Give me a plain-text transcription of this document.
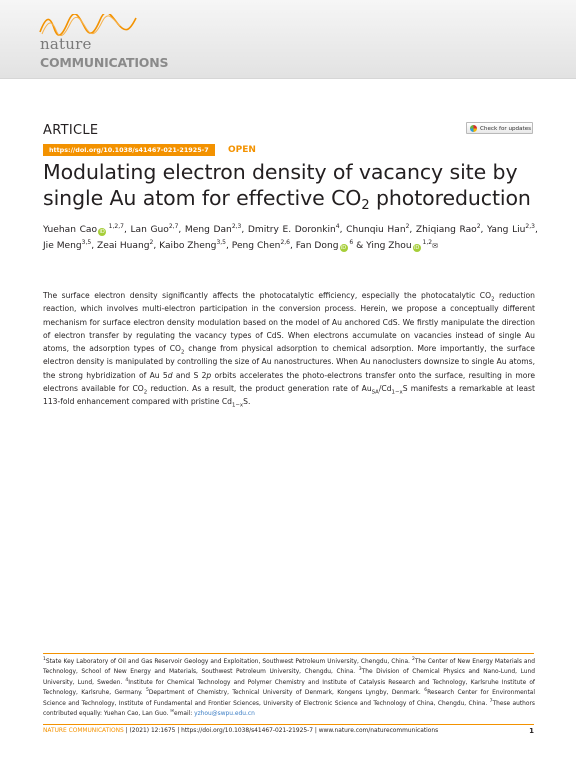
nature
COMMUNICATIONS
ARTICLE	Check for updates
https://doi.org/10.1038/s41467-021-21925-7	OPEN
Modulating electron density of vacancy site by
single Au atom for effective $CO_2$ photoreduction
Yuehan Cao iD $^{1,2,7}$, Lan Guo$^{2,7}$, Meng Dan$^{2,3}$, Dmitry E. Doronkin$^4$, Chunqiu Han$^2$, Zhiqiang Rao$^2$, Yang Liu$^{2,3}$, Jie Meng$^{3,5}$, Zeai Huang$^2$, Kaibo Zheng$^{3,5}$, Peng Chen$^{2,6}$, Fan Dong iD $^6$ & Ying Zhou iD $^{1,2}$✉

The surface electron density significantly affects the photocatalytic efficiency, especially the photocatalytic $CO_2$ reduction reaction, which involves multi-electron participation in the conversion process. Herein, we propose a conceptually different mechanism for surface electron density modulation based on the model of Au anchored CdS. We firstly manipulate the direction of electron transfer by regulating the vacancy types of CdS. When electrons accumulate on vacancies instead of single Au atoms, the adsorption types of $CO_2$ change from physical adsorption to chemical adsorption. More importantly, the surface electron density is manipulated by controlling the size of Au nanostructures. When Au nanoclusters downsize to single Au atoms, the strong hybridization of Au 5d and S 2p orbits accelerates the photo-electrons transfer onto the surface, resulting in more electrons available for $CO_2$ reduction. As a result, the product generation rate of $Au_{SA}/Cd_{1-x}S$ manifests a remarkable at least 113-fold enhancement compared with pristine $Cd_{1-x}S$.

$^1$State Key Laboratory of Oil and Gas Reservoir Geology and Exploitation, Southwest Petroleum University, Chengdu, China. $^2$The Center of New Energy Materials and Technology, School of New Energy and Materials, Southwest Petroleum University, Chengdu, China. $^3$The Division of Chemical Physics and Nano-Lund, Lund University, Lund, Sweden. $^4$Institute for Chemical Technology and Polymer Chemistry and Institute of Catalysis Research and Technology, Karlsruhe Institute of Technology, Karlsruhe, Germany. $^5$Department of Chemistry, Technical University of Denmark, Kongens Lyngby, Denmark. $^6$Research Center for Environmental Science and Technology, Institute of Fundamental and Frontier Sciences, University of Electronic Science and Technology of China, Chengdu, China. $^7$These authors contributed equally: Yuehan Cao, Lan Guo. ✉email: yzhou@swpu.edu.cn

NATURE COMMUNICATIONS | (2021) 12:1675 | https://doi.org/10.1038/s41467-021-21925-7 | www.nature.com/naturecommunications	1
